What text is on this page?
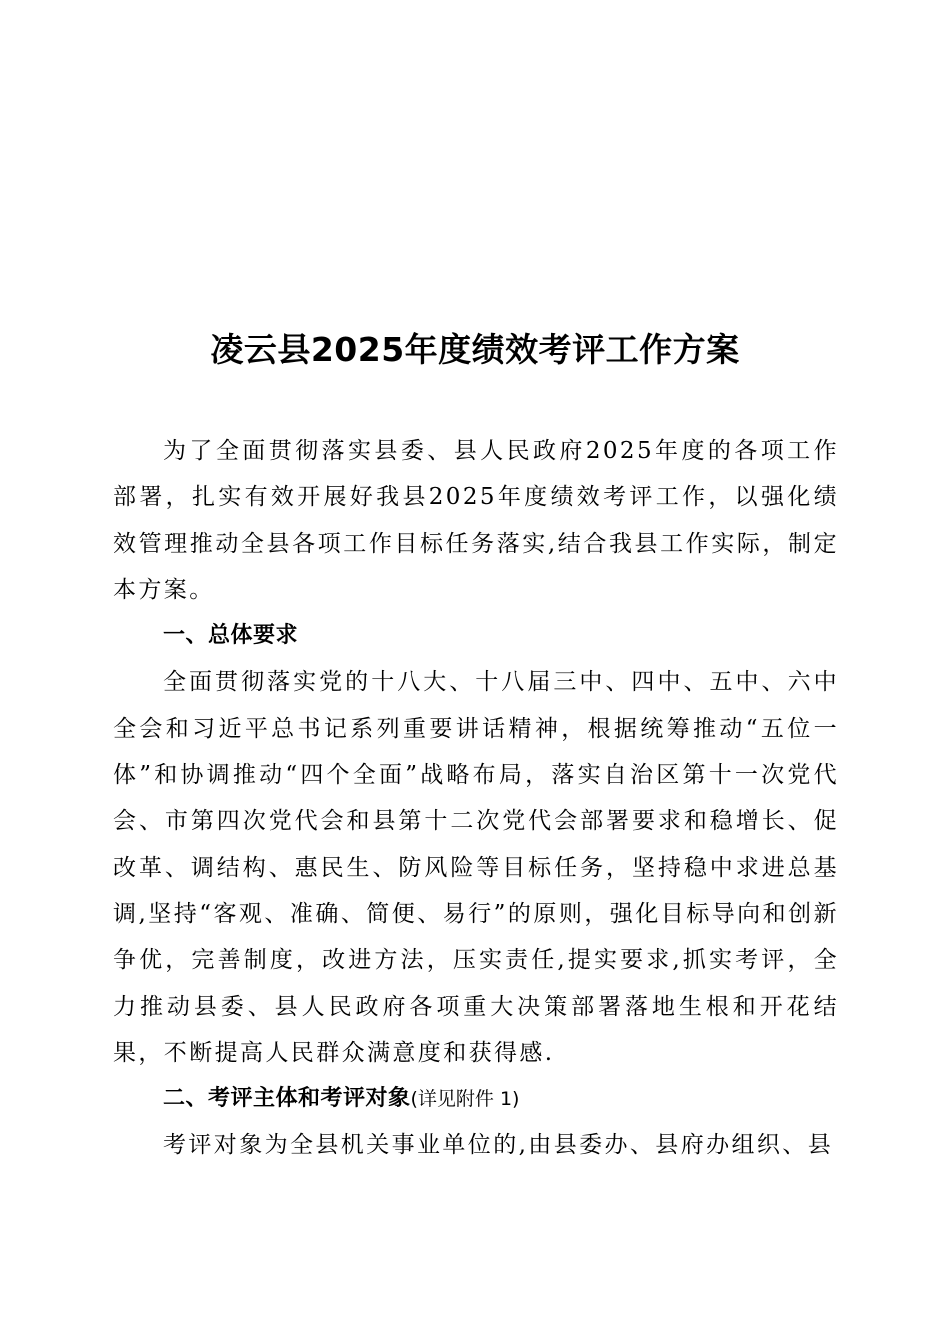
凌云县2025年度绩效考评工作方案

为了全面贯彻落实县委、县人民政府2025年度的各项工作部署，扎实有效开展好我县2025年度绩效考评工作，以强化绩效管理推动全县各项工作目标任务落实,结合我县工作实际，制定本方案。

一、总体要求

全面贯彻落实党的十八大、十八届三中、四中、五中、六中全会和习近平总书记系列重要讲话精神，根据统筹推动“五位一体”和协调推动“四个全面”战略布局，落实自治区第十一次党代会、市第四次党代会和县第十二次党代会部署要求和稳增长、促改革、调结构、惠民生、防风险等目标任务，坚持稳中求进总基调,坚持“客观、准确、简便、易行”的原则，强化目标导向和创新争优，完善制度，改进方法，压实责任,提实要求,抓实考评，全力推动县委、县人民政府各项重大决策部署落地生根和开花结果，不断提高人民群众满意度和获得感.

二、考评主体和考评对象(详见附件 1)

考评对象为全县机关事业单位的,由县委办、县府办组织、县
